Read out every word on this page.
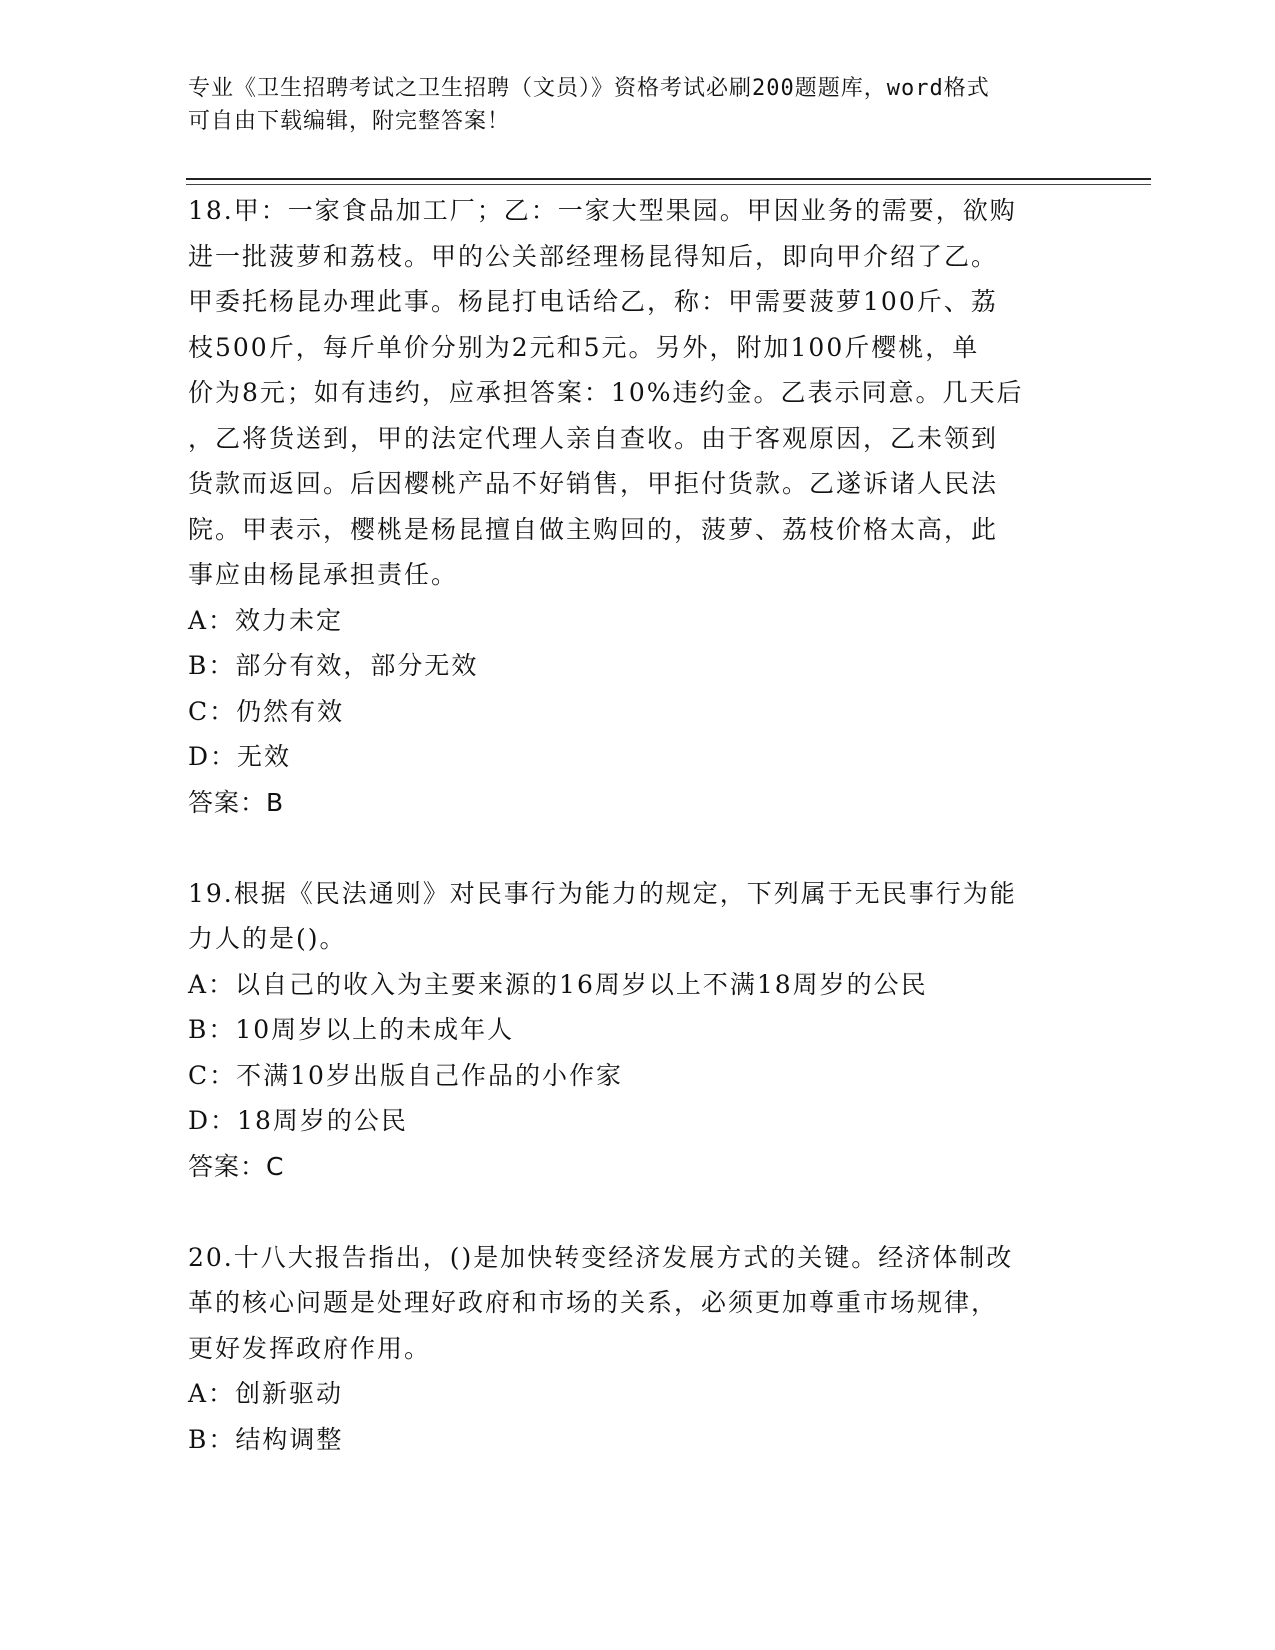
专业《卫生招聘考试之卫生招聘（文员）》资格考试必刷200题题库，word格式
可自由下载编辑，附完整答案！
18.甲：一家食品加工厂；乙：一家大型果园。甲因业务的需要，欲购
进一批菠萝和荔枝。甲的公关部经理杨昆得知后，即向甲介绍了乙。
甲委托杨昆办理此事。杨昆打电话给乙，称：甲需要菠萝100斤、荔
枝500斤，每斤单价分别为2元和5元。另外，附加100斤樱桃，单
价为8元；如有违约，应承担答案：10%违约金。乙表示同意。几天后
，乙将货送到，甲的法定代理人亲自查收。由于客观原因，乙未领到
货款而返回。后因樱桃产品不好销售，甲拒付货款。乙遂诉诸人民法
院。甲表示，樱桃是杨昆擅自做主购回的，菠萝、荔枝价格太高，此
事应由杨昆承担责任。
A：效力未定
B：部分有效，部分无效
C：仍然有效
D：无效
答案：B
19.根据《民法通则》对民事行为能力的规定，下列属于无民事行为能
力人的是()。
A：以自己的收入为主要来源的16周岁以上不满18周岁的公民
B：10周岁以上的未成年人
C：不满10岁出版自己作品的小作家
D：18周岁的公民
答案：C
20.十八大报告指出，()是加快转变经济发展方式的关键。经济体制改
革的核心问题是处理好政府和市场的关系，必须更加尊重市场规律，
更好发挥政府作用。
A：创新驱动
B：结构调整
